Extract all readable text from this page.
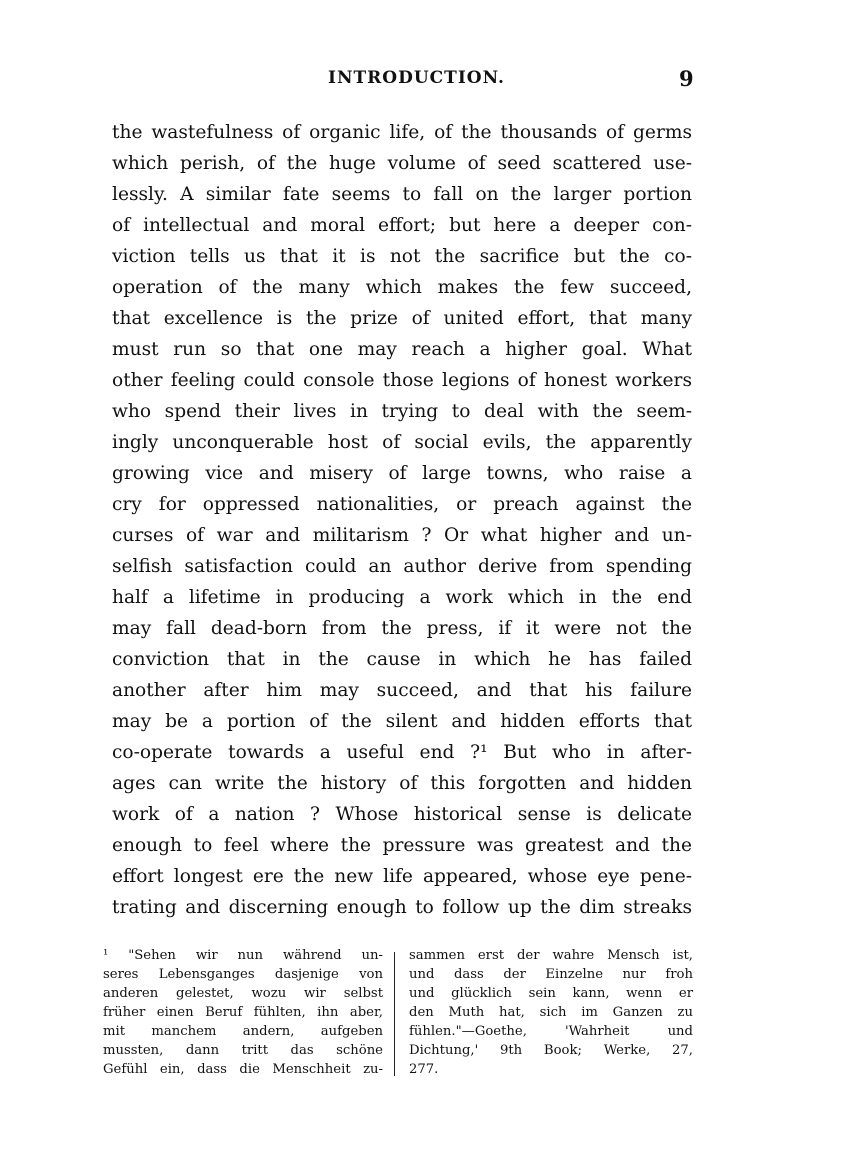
INTRODUCTION.	9
the wastefulness of organic life, of the thousands of germs
which perish, of the huge volume of seed scattered use-
lessly. A similar fate seems to fall on the larger portion
of intellectual and moral effort; but here a deeper con-
viction tells us that it is not the sacrifice but the co-
operation of the many which makes the few succeed,
that excellence is the prize of united effort, that many
must run so that one may reach a higher goal. What
other feeling could console those legions of honest workers
who spend their lives in trying to deal with the seem-
ingly unconquerable host of social evils, the apparently
growing vice and misery of large towns, who raise a
cry for oppressed nationalities, or preach against the
curses of war and militarism ? Or what higher and un-
selfish satisfaction could an author derive from spending
half a lifetime in producing a work which in the end
may fall dead-born from the press, if it were not the
conviction that in the cause in which he has failed
another after him may succeed, and that his failure
may be a portion of the silent and hidden efforts that
co-operate towards a useful end ?¹ But who in after-
ages can write the history of this forgotten and hidden
work of a nation ? Whose historical sense is delicate
enough to feel where the pressure was greatest and the
effort longest ere the new life appeared, whose eye pene-
trating and discerning enough to follow up the dim streaks
¹ "Sehen wir nun während un-
seres Lebensganges dasjenige von
anderen gelestet, wozu wir selbst
früher einen Beruf fühlten, ihn aber,
mit manchem andern, aufgeben
mussten, dann tritt das schöne
Gefühl ein, dass die Menschheit zu-
sammen erst der wahre Mensch ist,
und dass der Einzelne nur froh
und glücklich sein kann, wenn er
den Muth hat, sich im Ganzen zu
fühlen."—Goethe, 'Wahrheit und
Dichtung,' 9th Book; Werke, 27,
277.
